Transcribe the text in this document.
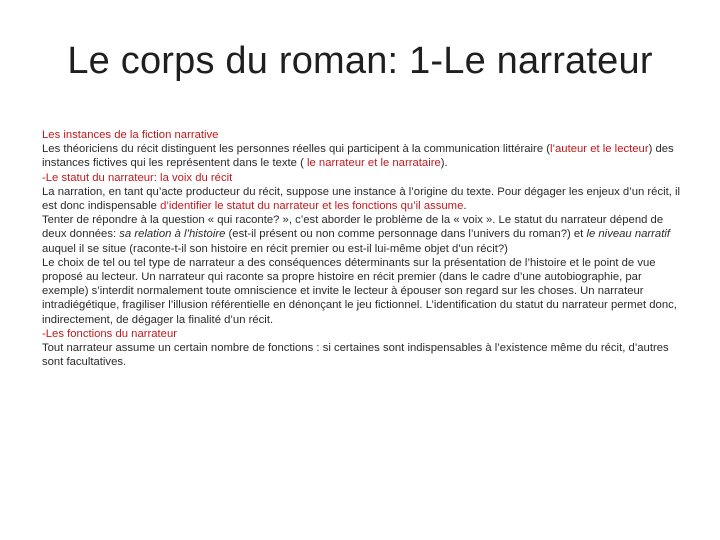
Le corps du roman: 1-Le narrateur

Les instances de la fiction narrative

Les théoriciens du récit distinguent les personnes réelles qui participent à la communication littéraire (l’auteur et le lecteur) des instances fictives qui les représentent dans le texte ( le narrateur et le narrataire).

-Le statut du narrateur: la voix du récit

La narration, en tant qu’acte producteur du récit, suppose une instance à l’origine du texte. Pour dégager les enjeux d’un récit, il est donc indispensable d’identifier le statut du narrateur et les fonctions qu’il assume.

Tenter de répondre à la question « qui raconte? », c’est aborder le problème de la « voix ». Le statut du narrateur dépend de deux données: sa relation à l’histoire (est-il présent ou non comme personnage dans l’univers du roman?) et le niveau narratif auquel il se situe (raconte-t-il son histoire en récit premier ou est-il lui-même objet d’un récit?)

Le choix de tel ou tel type de narrateur a des conséquences déterminants sur la présentation de l’histoire et le point de vue proposé au lecteur. Un narrateur qui raconte sa propre histoire en récit premier (dans le cadre d’une autobiographie, par exemple) s’interdit normalement toute omniscience et invite le lecteur à épouser son regard sur les choses. Un narrateur intradiégétique, fragiliser l’illusion référentielle en dénonçant le jeu fictionnel. L’identification du statut du narrateur permet donc, indirectement, de dégager la finalité d’un récit.

-Les fonctions du narrateur

Tout narrateur assume un certain nombre de fonctions : si certaines sont indispensables à l’existence même du récit, d’autres sont facultatives.
